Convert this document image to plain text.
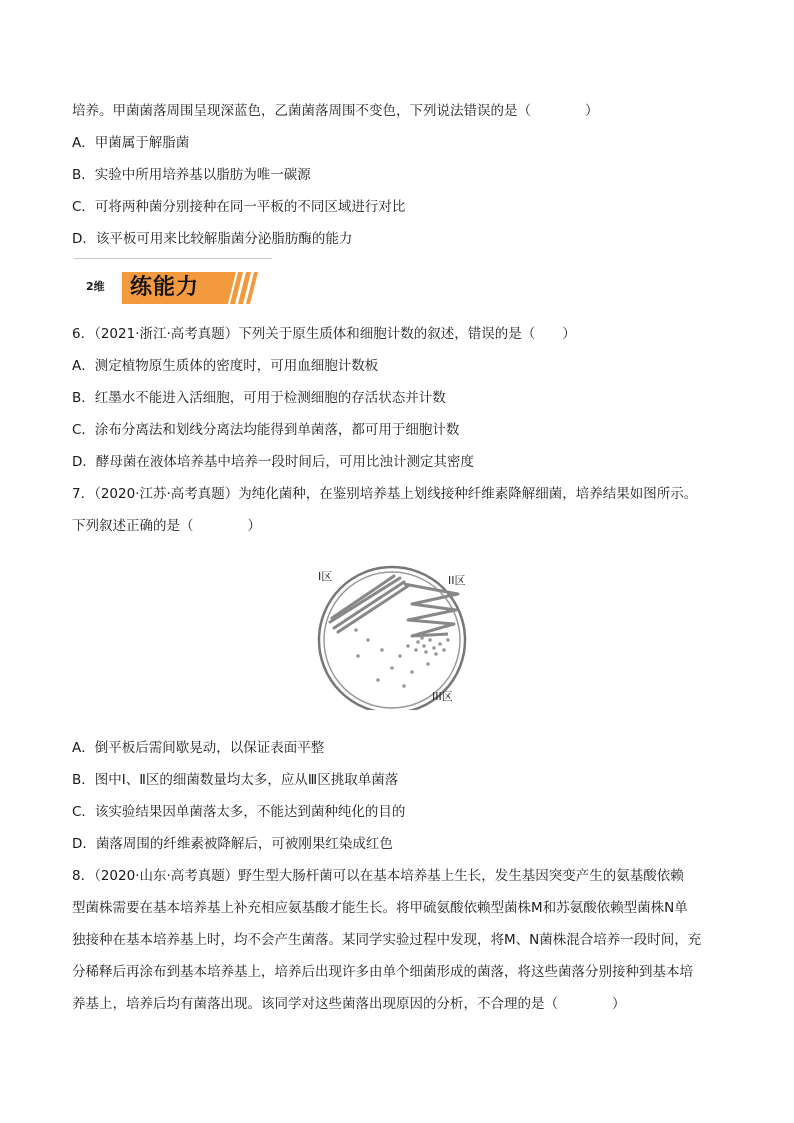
培养。甲菌菌落周围呈现深蓝色，乙菌菌落周围不变色，下列说法错误的是（　　　　）
A．甲菌属于解脂菌
B．实验中所用培养基以脂肪为唯一碳源
C．可将两种菌分别接种在同一平板的不同区域进行对比
D．该平板可用来比较解脂菌分泌脂肪酶的能力
2维 练能力
6．（2021·浙江·高考真题）下列关于原生质体和细胞计数的叙述，错误的是（　　）
A．测定植物原生质体的密度时，可用血细胞计数板
B．红墨水不能进入活细胞，可用于检测细胞的存活状态并计数
C．涂布分离法和划线分离法均能得到单菌落，都可用于细胞计数
D．酵母菌在液体培养基中培养一段时间后，可用比浊计测定其密度
7．（2020·江苏·高考真题）为纯化菌种，在鉴别培养基上划线接种纤维素降解细菌，培养结果如图所示。
下列叙述正确的是（　　　　）
I区	II区
III区
A．倒平板后需间歇晃动，以保证表面平整
B．图中Ⅰ、Ⅱ区的细菌数量均太多，应从Ⅲ区挑取单菌落
C．该实验结果因单菌落太多，不能达到菌种纯化的目的
D．菌落周围的纤维素被降解后，可被刚果红染成红色
8．（2020·山东·高考真题）野生型大肠杆菌可以在基本培养基上生长，发生基因突变产生的氨基酸依赖
型菌株需要在基本培养基上补充相应氨基酸才能生长。将甲硫氨酸依赖型菌株M和苏氨酸依赖型菌株N单
独接种在基本培养基上时，均不会产生菌落。某同学实验过程中发现，将M、N菌株混合培养一段时间，充
分稀释后再涂布到基本培养基上，培养后出现许多由单个细菌形成的菌落，将这些菌落分别接种到基本培
养基上，培养后均有菌落出现。该同学对这些菌落出现原因的分析，不合理的是（　　　　）
